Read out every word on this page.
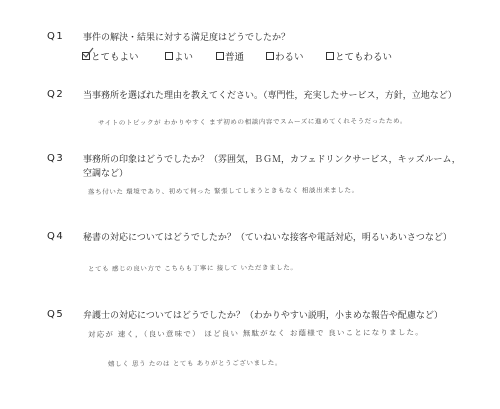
Q1 事件の解決・結果に対する満足度はどうでしたか？
とてもよい	よい	普通	わるい	とてもわるい
Q2 当事務所を選ばれた理由を教えてください。（専門性，充実したサービス，方針，立地など）
サイトのトピックが わかりやすく まず初めの相談内容でスムーズに進めてくれそうだったため。
Q3 事務所の印象はどうでしたか？（雰囲気，ＢＧＭ，カフェドリンクサービス，キッズルーム，
空調など）
落ち付いた 環境であり、初めて伺った 緊張してしまうときもなく 相談出来ました。
Q4 秘書の対応についてはどうでしたか？（ていねいな接客や電話対応，明るいあいさつなど）
とても 感じの良い方で こちらも丁寧に 接して いただきました。
Q5 弁護士の対応についてはどうでしたか？（わかりやすい説明，小まめな報告や配慮など）
対応が 速く，（良い意味で） ほど良い 無駄がなく お蔭様で 良いことになりました。
嬉しく 思う たのは とても ありがとうございました。
